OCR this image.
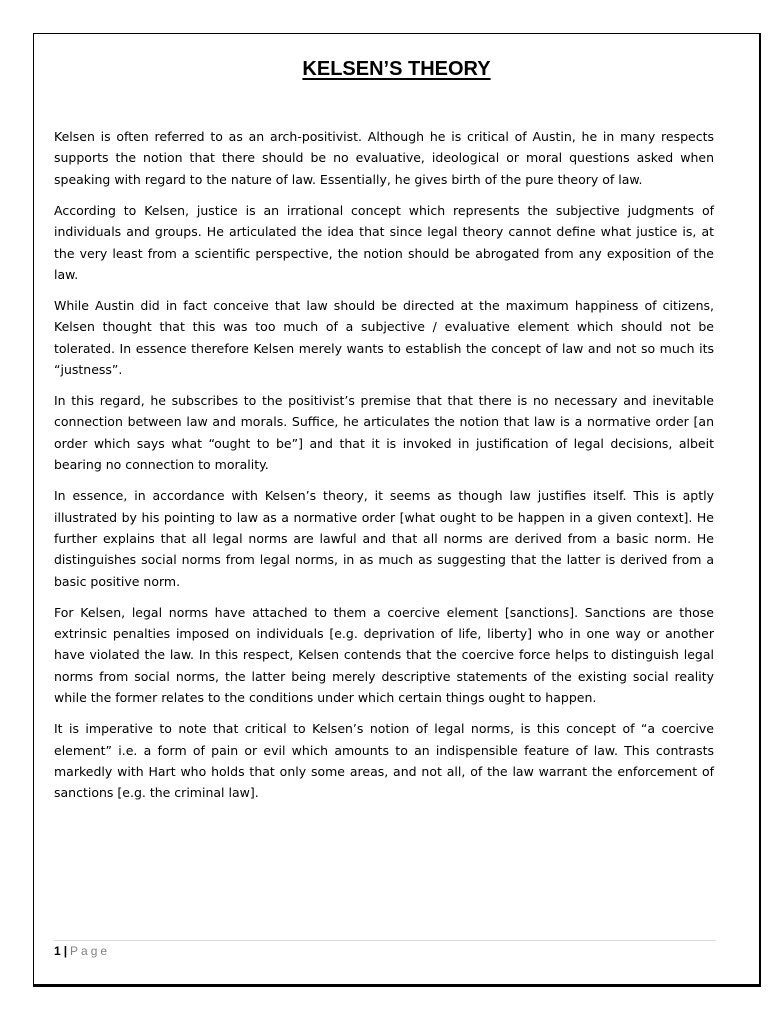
KELSEN’S THEORY

Kelsen is often referred to as an arch-positivist. Although he is critical of Austin, he in many respects supports the notion that there should be no evaluative, ideological or moral questions asked when speaking with regard to the nature of law. Essentially, he gives birth of the pure theory of law.

According to Kelsen, justice is an irrational concept which represents the subjective judgments of individuals and groups. He articulated the idea that since legal theory cannot define what justice is, at the very least from a scientific perspective, the notion should be abrogated from any exposition of the law.

While Austin did in fact conceive that law should be directed at the maximum happiness of citizens, Kelsen thought that this was too much of a subjective / evaluative element which should not be tolerated. In essence therefore Kelsen merely wants to establish the concept of law and not so much its “justness”.

In this regard, he subscribes to the positivist’s premise that that there is no necessary and inevitable connection between law and morals. Suffice, he articulates the notion that law is a normative order [an order which says what “ought to be”] and that it is invoked in justification of legal decisions, albeit bearing no connection to morality.

In essence, in accordance with Kelsen’s theory, it seems as though law justifies itself. This is aptly illustrated by his pointing to law as a normative order [what ought to be happen in a given context]. He further explains that all legal norms are lawful and that all norms are derived from a basic norm. He distinguishes social norms from legal norms, in as much as suggesting that the latter is derived from a basic positive norm.

For Kelsen, legal norms have attached to them a coercive element [sanctions]. Sanctions are those extrinsic penalties imposed on individuals [e.g. deprivation of life, liberty] who in one way or another have violated the law. In this respect, Kelsen contends that the coercive force helps to distinguish legal norms from social norms, the latter being merely descriptive statements of the existing social reality while the former relates to the conditions under which certain things ought to happen.

It is imperative to note that critical to Kelsen’s notion of legal norms, is this concept of “a coercive element” i.e. a form of pain or evil which amounts to an indispensible feature of law. This contrasts markedly with Hart who holds that only some areas, and not all, of the law warrant the enforcement of sanctions [e.g. the criminal law].

1 | Page
